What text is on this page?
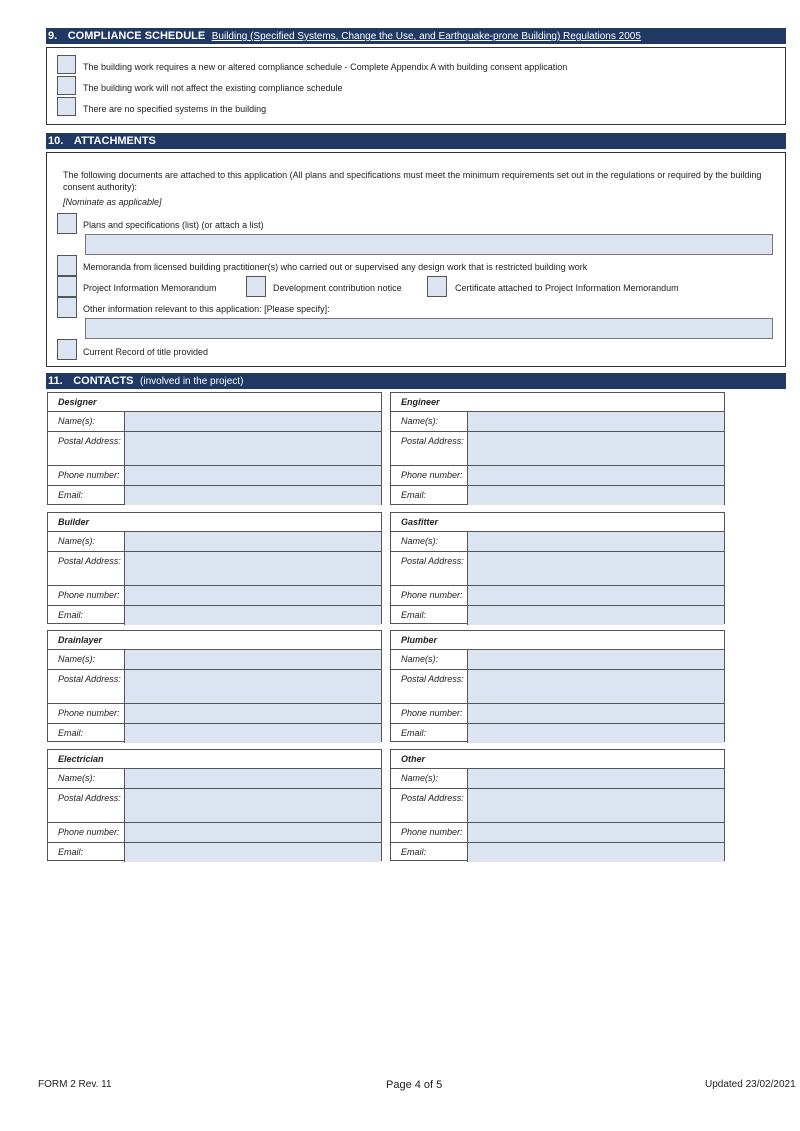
9. COMPLIANCE SCHEDULE Building (Specified Systems, Change the Use, and Earthquake-prone Building) Regulations 2005
The building work requires a new or altered compliance schedule - Complete Appendix A with building consent application
The building work will not affect the existing compliance schedule
There are no specified systems in the building
10. ATTACHMENTS
The following documents are attached to this application (All plans and specifications must meet the minimum requirements set out in the regulations or required by the building
consent authority):
[Nominate as applicable]
Plans and specifications (list) (or attach a list)
Memoranda from licensed building practitioner(s) who carried out or supervised any design work that is restricted building work
Project Information Memorandum	Development contribution notice	Certificate attached to Project Information Memorandum
Other information relevant to this application: [Please specify]:
Current Record of title provided
11. CONTACTS (involved in the project)
Designer
Name(s):
Postal Address:
Phone number:
Email:
Engineer
Name(s):
Postal Address:
Phone number:
Email:
Builder
Name(s):
Postal Address:
Phone number:
Email:
Gasfitter
Name(s):
Postal Address:
Phone number:
Email:
Drainlayer
Name(s):
Postal Address:
Phone number:
Email:
Plumber
Name(s):
Postal Address:
Phone number:
Email:
Electrician
Name(s):
Postal Address:
Phone number:
Email:
Other
Name(s):
Postal Address:
Phone number:
Email:
FORM 2 Rev. 11	Page 4 of 5	Updated 23/02/2021
